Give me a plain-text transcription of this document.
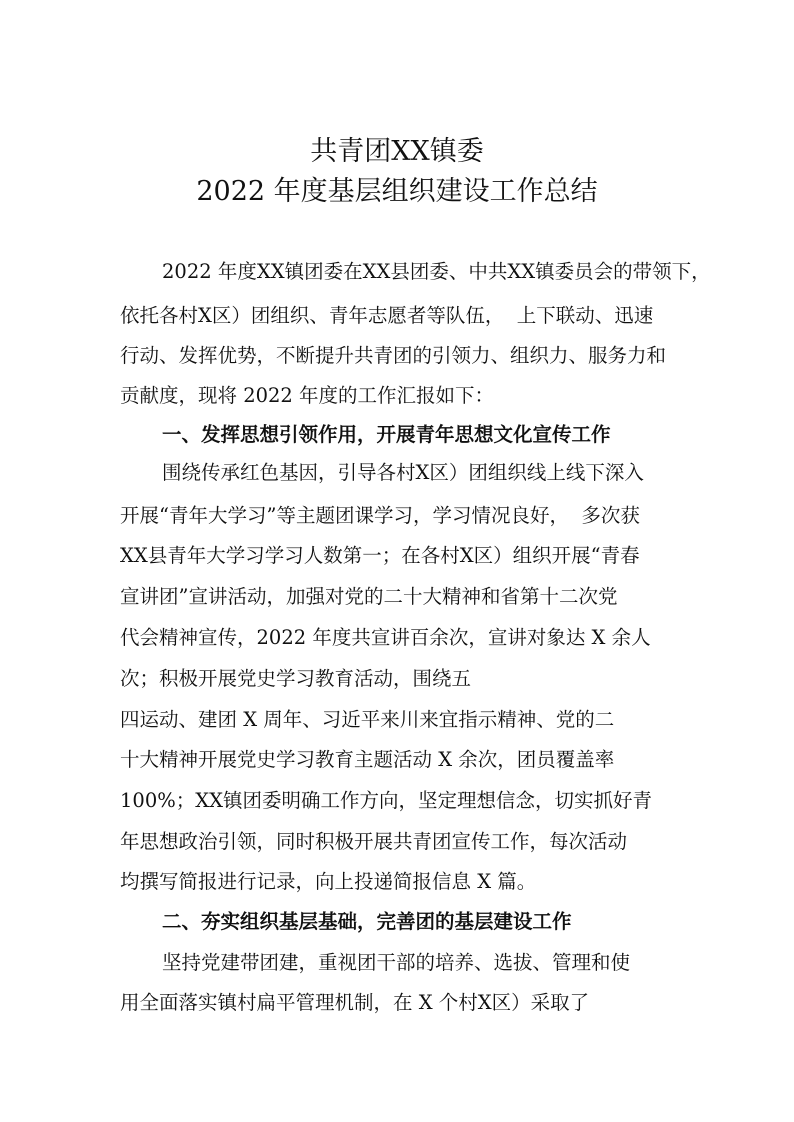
共青团XX镇委
2022 年度基层组织建设工作总结
2022 年度XX镇团委在XX县团委、中共XX镇委员会的带领下，
依托各村X区）团组织、青年志愿者等队伍，  上下联动、迅速
行动、发挥优势，不断提升共青团的引领力、组织力、服务力和
贡献度，现将 2022 年度的工作汇报如下：
一、发挥思想引领作用，开展青年思想文化宣传工作
围绕传承红色基因，引导各村X区）团组织线上线下深入
开展“青年大学习”等主题团课学习，学习情况良好，  多次获
XX县青年大学习学习人数第一；在各村X区）组织开展“青春
宣讲团”宣讲活动，加强对党的二十大精神和省第十二次党
代会精神宣传，2022 年度共宣讲百余次，宣讲对象达 X 余人
次；积极开展党史学习教育活动，围绕五
四运动、建团 X 周年、习近平来川来宜指示精神、党的二
十大精神开展党史学习教育主题活动 X 余次，团员覆盖率
100%；XX镇团委明确工作方向，坚定理想信念，切实抓好青
年思想政治引领，同时积极开展共青团宣传工作，每次活动
均撰写简报进行记录，向上投递简报信息 X 篇。
二、夯实组织基层基础，完善团的基层建设工作
坚持党建带团建，重视团干部的培养、选拔、管理和使
用全面落实镇村扁平管理机制，在 X 个村X区）采取了
